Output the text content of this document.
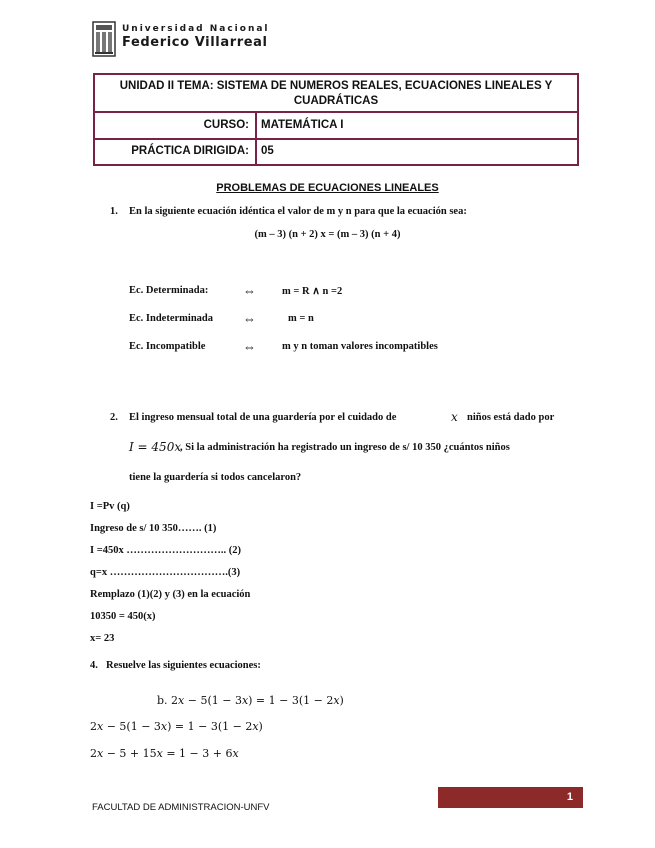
Universidad Nacional
Federico Villarreal
UNIDAD II TEMA: SISTEMA DE NUMEROS REALES, ECUACIONES LINEALES Y CUADRÁTICAS
CURSO:	MATEMÁTICA I
PRÁCTICA DIRIGIDA:	05
PROBLEMAS DE ECUACIONES LINEALES
1. En la siguiente ecuación idéntica el valor de m y n para que la ecuación sea:
(m – 3) (n + 2) x = (m – 3) (n + 4)
Ec. Determinada:	⇔ m = R ∧ n =2
Ec. Indeterminada ⇔	m = n
Ec. Incompatible	⇔ m y n toman valores incompatibles
2. El ingreso mensual total de una guardería por el cuidado de	x niños está dado por
I = 450x
, Si la administración ha registrado un ingreso de s/ 10 350 ¿cuántos niños
tiene la guardería si todos cancelaron?
I =Pv (q)
Ingreso de s/ 10 350……. (1)
I =450x ……………………….. (2)
q=x …………………………….(3)
Remplazo (1)(2) y (3) en la ecuación
10350 = 450(x)
x= 23
4. Resuelve las siguientes ecuaciones:
b. 2𝑥 − 5(1 − 3𝑥) = 1 − 3(1 − 2𝑥)
2𝑥 − 5(1 − 3𝑥) = 1 − 3(1 − 2𝑥)
2𝑥 − 5 + 15𝑥 = 1 − 3 + 6𝑥
FACULTAD DE ADMINISTRACION-UNFV
1
